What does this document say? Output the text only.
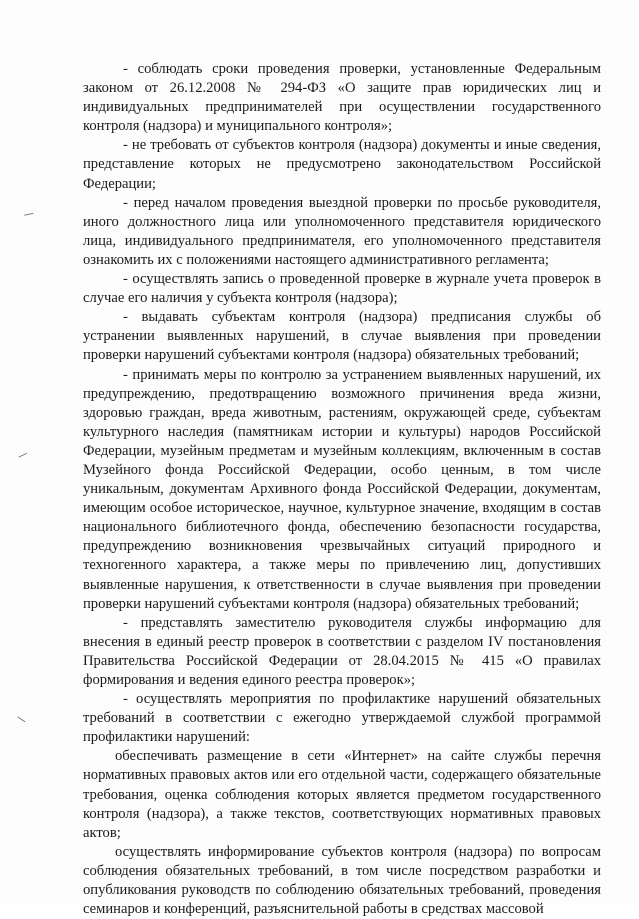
- соблюдать сроки проведения проверки, установленные Федеральным законом от 26.12.2008 № 294-ФЗ «О защите прав юридических лиц и индивидуальных предпринимателей при осуществлении государственного контроля (надзора) и муниципального контроля»;

- не требовать от субъектов контроля (надзора) документы и иные сведения, представление которых не предусмотрено законодательством Российской Федерации;

- перед началом проведения выездной проверки по просьбе руководителя, иного должностного лица или уполномоченного представителя юридического лица, индивидуального предпринимателя, его уполномоченного представителя ознакомить их с положениями настоящего административного регламента;

- осуществлять запись о проведенной проверке в журнале учета проверок в случае его наличия у субъекта контроля (надзора);

- выдавать субъектам контроля (надзора) предписания службы об устранении выявленных нарушений, в случае выявления при проведении проверки нарушений субъектами контроля (надзора) обязательных требований;

- принимать меры по контролю за устранением выявленных нарушений, их предупреждению, предотвращению возможного причинения вреда жизни, здоровью граждан, вреда животным, растениям, окружающей среде, субъектам культурного наследия (памятникам истории и культуры) народов Российской Федерации, музейным предметам и музейным коллекциям, включенным в состав Музейного фонда Российской Федерации, особо ценным, в том числе уникальным, документам Архивного фонда Российской Федерации, документам, имеющим особое историческое, научное, культурное значение, входящим в состав национального библиотечного фонда, обеспечению безопасности государства, предупреждению возникновения чрезвычайных ситуаций природного и техногенного характера, а также меры по привлечению лиц, допустивших выявленные нарушения, к ответственности в случае выявления при проведении проверки нарушений субъектами контроля (надзора) обязательных требований;

- представлять заместителю руководителя службы информацию для внесения в единый реестр проверок в соответствии с разделом IV постановления Правительства Российской Федерации от 28.04.2015 № 415 «О правилах формирования и ведения единого реестра проверок»;

- осуществлять мероприятия по профилактике нарушений обязательных требований в соответствии с ежегодно утверждаемой службой программой профилактики нарушений:

обеспечивать размещение в сети «Интернет» на сайте службы перечня нормативных правовых актов или его отдельной части, содержащего обязательные требования, оценка соблюдения которых является предметом государственного контроля (надзора), а также текстов, соответствующих нормативных правовых актов;

осуществлять информирование субъектов контроля (надзора) по вопросам соблюдения обязательных требований, в том числе посредством разработки и опубликования руководств по соблюдению обязательных требований, проведения семинаров и конференций, разъяснительной работы в средствах массовой

—
—
—
